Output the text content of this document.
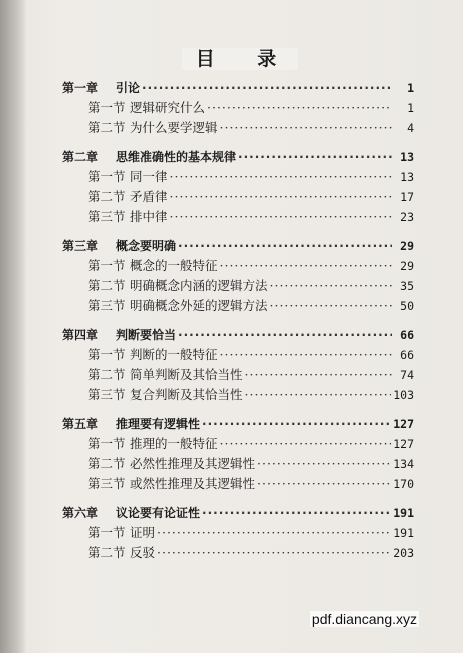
目 录
第一章	引论 ·····	1
第一节 逻辑研究什么 ·····	1
第二节 为什么要学逻辑 ·····	4
第二章	思维准确性的基本规律 ·····	13
第一节 同一律 ·····	13
第二节 矛盾律 ·····	17
第三节 排中律 ·····	23
第三章	概念要明确 ·····	29
第一节 概念的一般特征 ·····	29
第二节 明确概念内涵的逻辑方法 ·····	35
第三节 明确概念外延的逻辑方法 ·····	50
第四章	判断要恰当 ·····	66
第一节 判断的一般特征 ·····	66
第二节 简单判断及其恰当性 ·····	74
第三节 复合判断及其恰当性 ·····	103
第五章	推理要有逻辑性 ·····	127
第一节 推理的一般特征 ·····	127
第二节 必然性推理及其逻辑性 ·····	134
第三节 或然性推理及其逻辑性 ·····	170
第六章	议论要有论证性 ·····	191
第一节 证明 ·····	191
第二节 反驳 ·····	203
pdf.diancang.xyz
